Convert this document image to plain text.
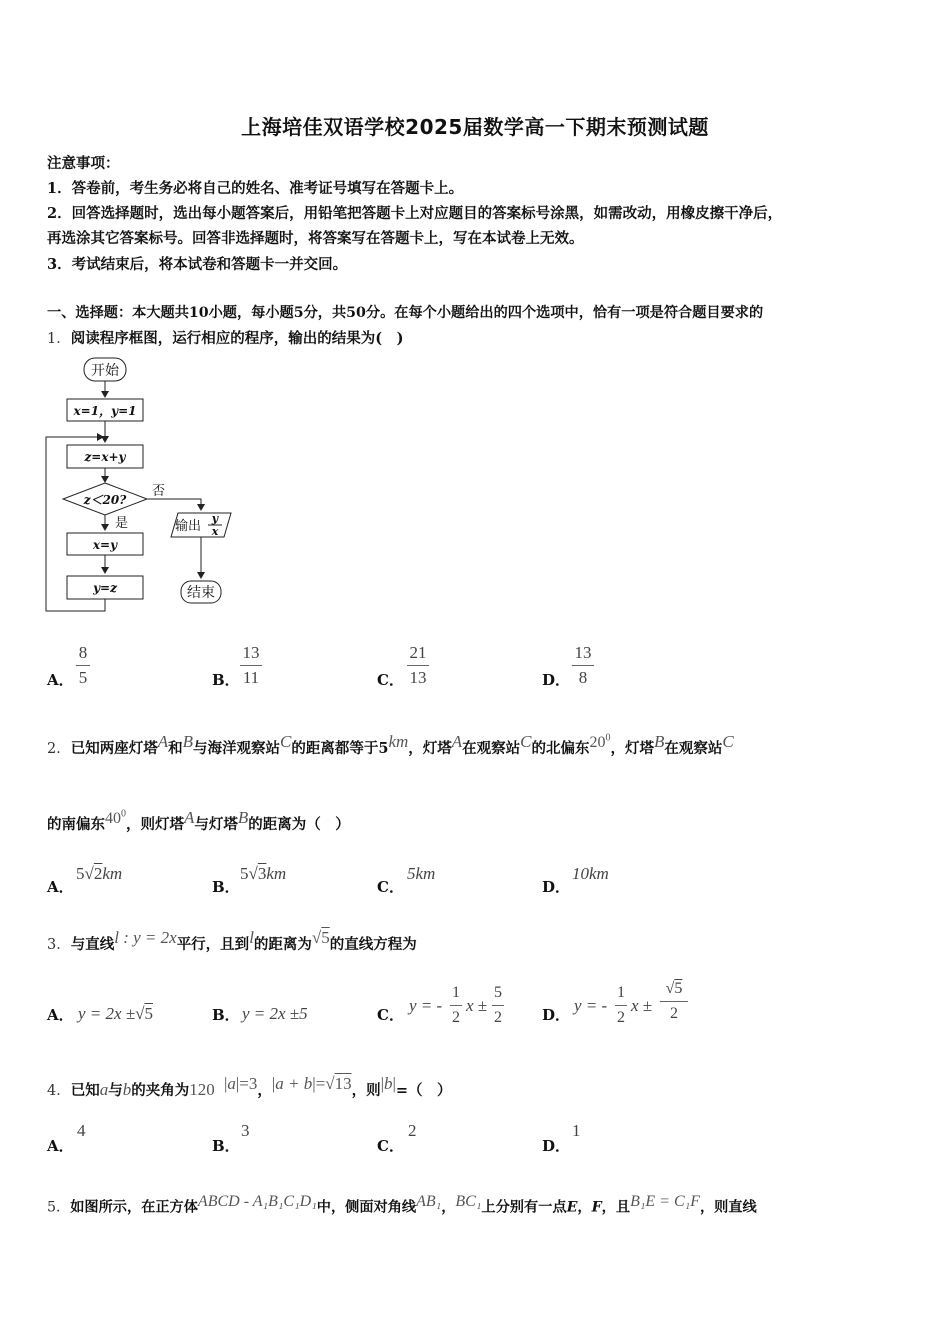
上海培佳双语学校2025届数学高一下期末预测试题
注意事项：
1．答卷前，考生务必将自己的姓名、准考证号填写在答题卡上。
2．回答选择题时，选出每小题答案后，用铅笔把答题卡上对应题目的答案标号涂黑，如需改动，用橡皮擦干净后，
再选涂其它答案标号。回答非选择题时，将答案写在答题卡上，写在本试卷上无效。
3．考试结束后，将本试卷和答题卡一并交回。
一、选择题：本大题共10小题，每小题5分，共50分。在每个小题给出的四个选项中，恰有一项是符合题目要求的
1．阅读程序框图，运行相应的程序，输出的结果为(　)
开始
x=1，y=1
z=x+y
z＜20?
否
是
x=y
y=z
输出
y
x
结束
A．
8
5	B．
13
11	C．
21
13	D．
13
8
2．已知两座灯塔$^A$和$^B$与海洋观察站$^C$的距离都等于$5^{km}$，灯塔$^A$在观察站$^C$的北偏东$^{20^0}$，灯塔$^B$在观察站$^C$
的南偏东$^{40^0}$，则灯塔$^A$与灯塔$^B$的距离为（　）
A．
5√2km
B．
5√3km
C．
5km
D．
10km
3．与直线$^{l : y = 2x}$平行，且到$^l$的距离为$^{√5}$的直线方程为
A． y = 2x ±√5	B． y = 2x ±5	C． y = -
1
2
x ±
5
2	D． y = -
1
2
x ±
√5
2
4．已知a与b的夹角为120 $^{|a|=3}$，$^{|a + b|=√13}$，则$^{|b|}$=（　）
A．
4
B．
3
C．
2
D．
1
5．如图所示，在正方体$^{ABCD - A_1B_1C_1D_1}$中，侧面对角线$^{AB_1}$，$^{BC_1}$上分别有一点E，F，且$^{B_1E = C_1F}$，则直线
